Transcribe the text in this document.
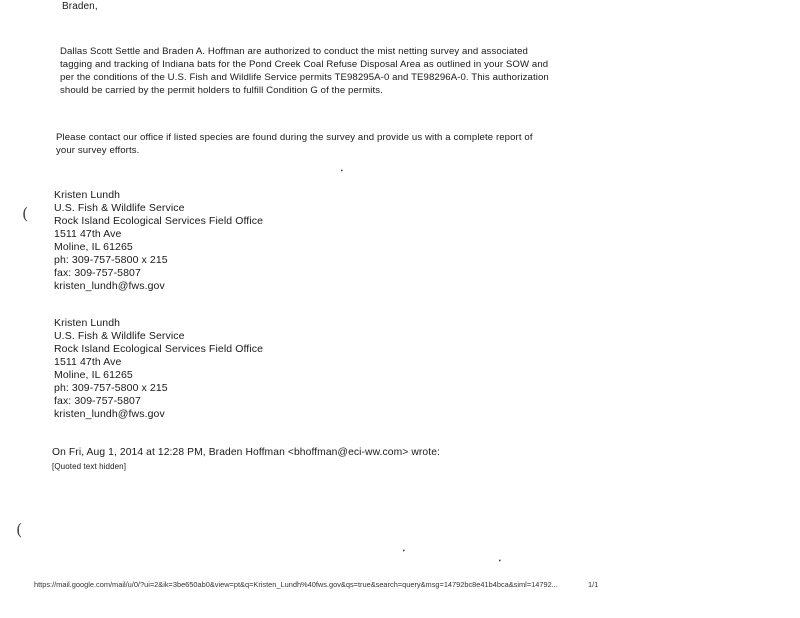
Braden,
Dallas Scott Settle and Braden A. Hoffman are authorized to conduct the mist netting survey and associated
tagging and tracking of Indiana bats for the Pond Creek Coal Refuse Disposal Area as outlined in your SOW and
per the conditions of the U.S. Fish and Wildlife Service permits TE98295A-0 and TE98296A-0. This authorization
should be carried by the permit holders to fulfill Condition G of the permits.
Please contact our office if listed species are found during the survey and provide us with a complete report of
your survey efforts.
(
Kristen Lundh
U.S. Fish & Wildlife Service
Rock Island Ecological Services Field Office
1511 47th Ave
Moline, IL 61265
ph: 309-757-5800 x 215
fax: 309-757-5807
kristen_lundh@fws.gov
Kristen Lundh
U.S. Fish & Wildlife Service
Rock Island Ecological Services Field Office
1511 47th Ave
Moline, IL 61265
ph: 309-757-5800 x 215
fax: 309-757-5807
kristen_lundh@fws.gov
On Fri, Aug 1, 2014 at 12:28 PM, Braden Hoffman <bhoffman@eci-ww.com> wrote:
[Quoted text hidden]
(
•
•
•
https://mail.google.com/mail/u/0/?ui=2&ik=3be650ab0&view=pt&q=Kristen_Lundh%40fws.gov&qs=true&search=query&msg=14792bc8e41b4bca&siml=14792...	1/1
